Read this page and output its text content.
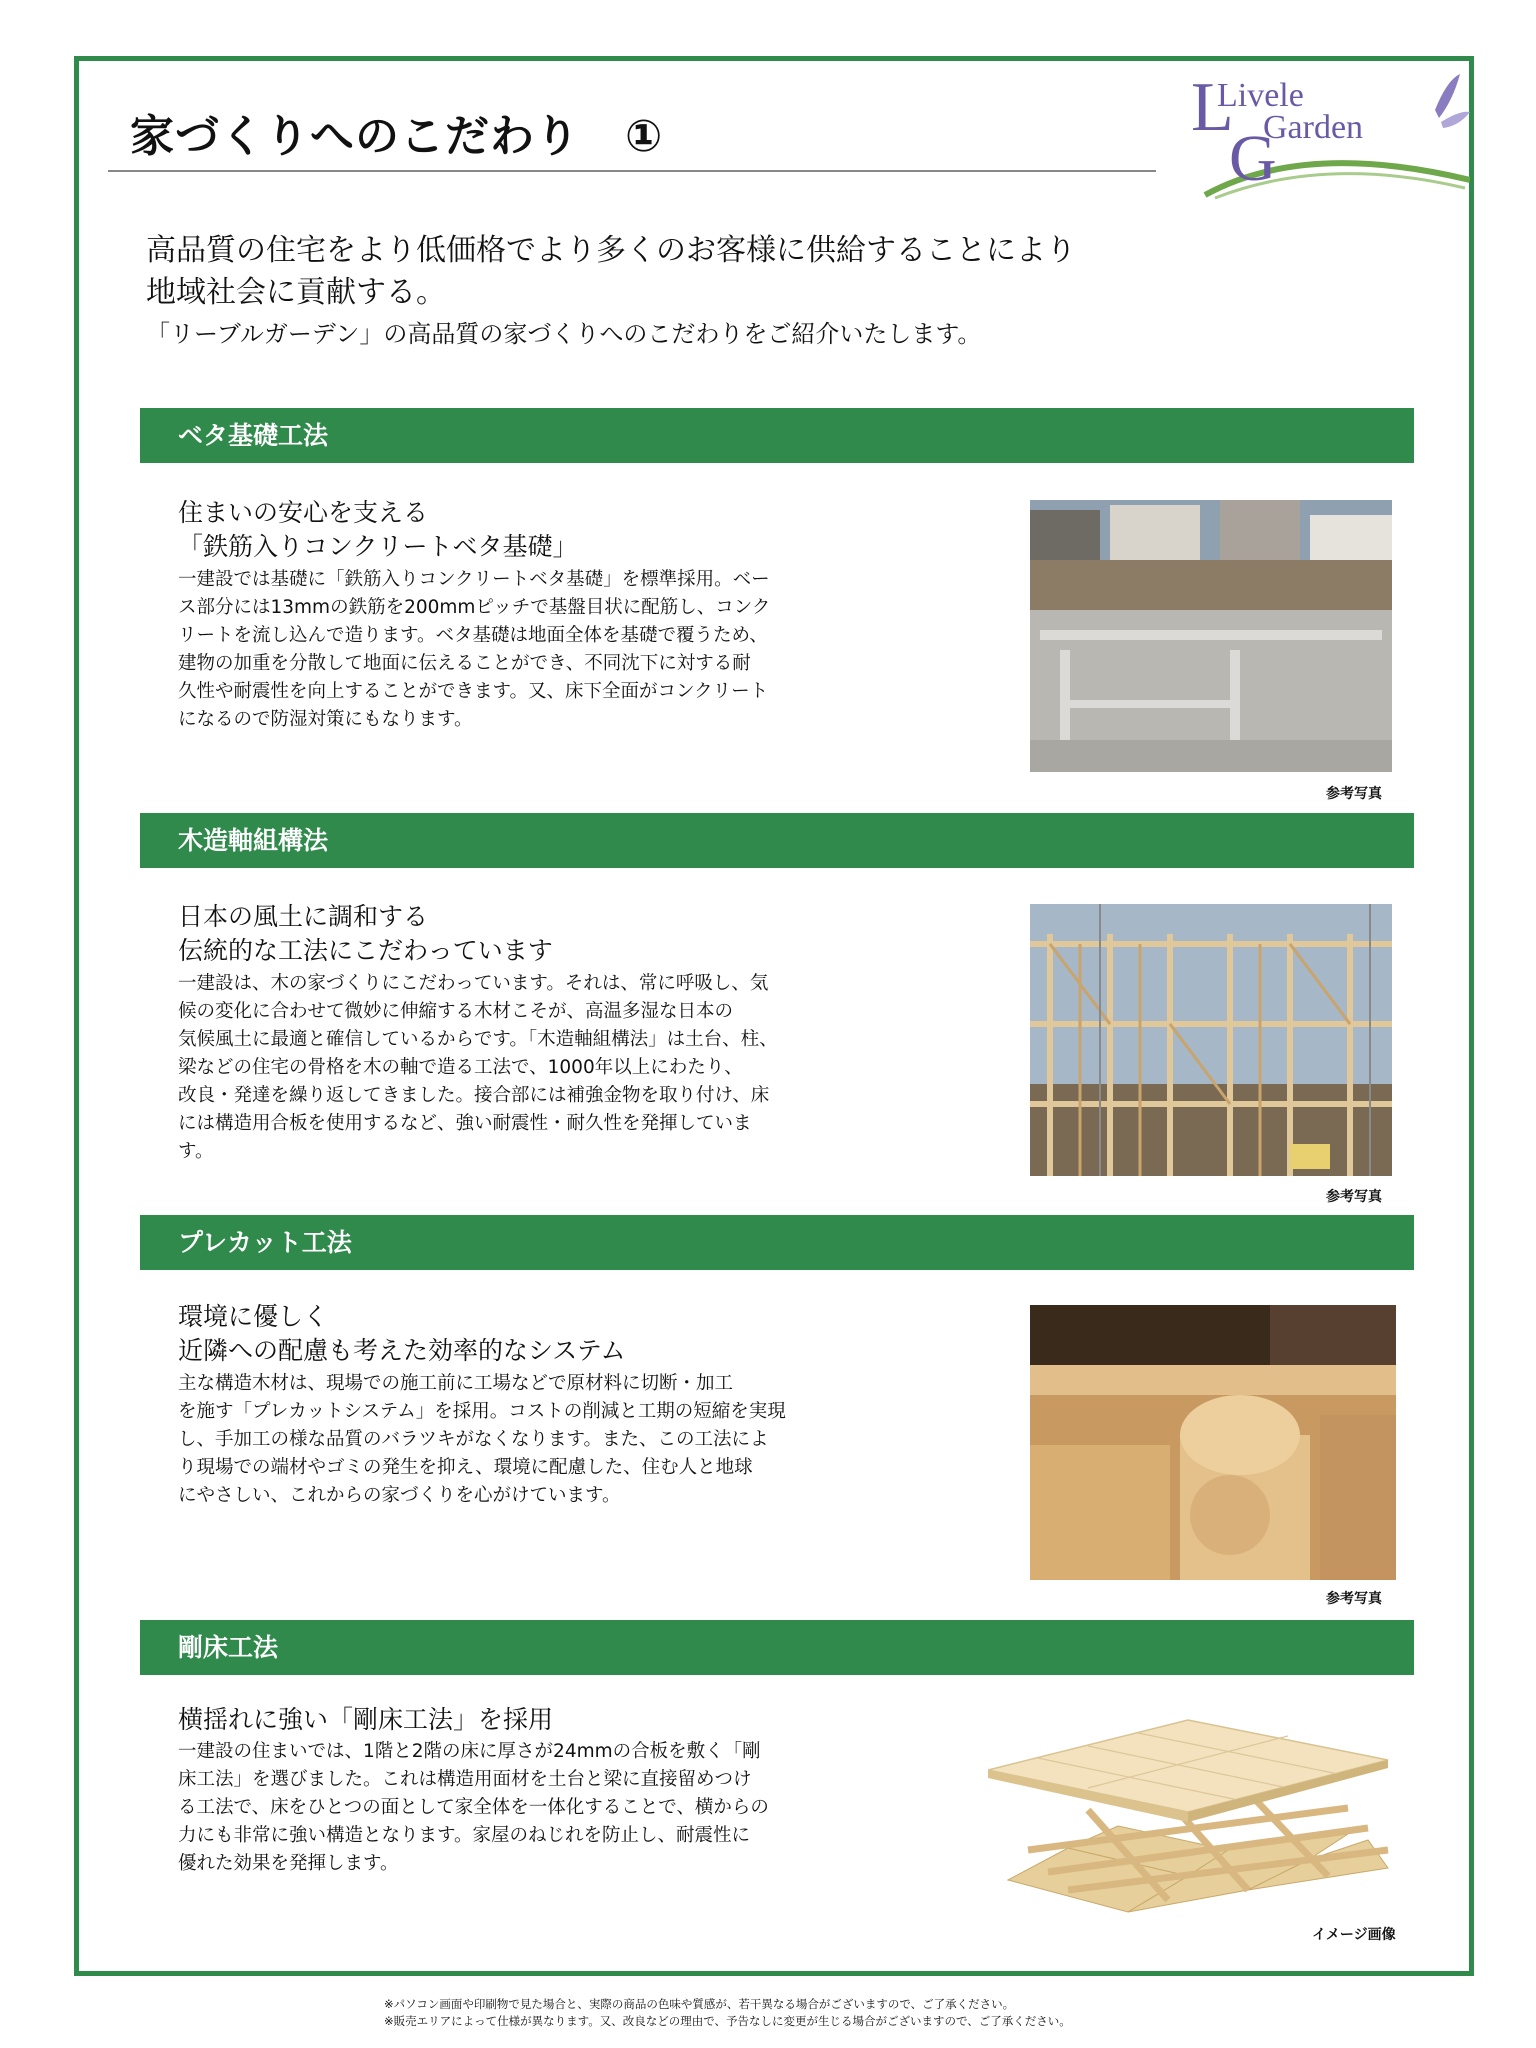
家づくりへのこだわり　①	L
G
Livele
Garden
高品質の住宅をより低価格でより多くのお客様に供給することにより
地域社会に貢献する。
「リーブルガーデン」の高品質の家づくりへのこだわりをご紹介いたします。
ベタ基礎工法
住まいの安心を支える
「鉄筋入りコンクリートベタ基礎」
一建設では基礎に「鉄筋入りコンクリートベタ基礎」を標準採用。ベー
ス部分には13mmの鉄筋を200mmピッチで基盤目状に配筋し、コンク
リートを流し込んで造ります。ベタ基礎は地面全体を基礎で覆うため、
建物の加重を分散して地面に伝えることができ、不同沈下に対する耐
久性や耐震性を向上することができます。又、床下全面がコンクリート
になるので防湿対策にもなります。
参考写真
木造軸組構法
日本の風土に調和する
伝統的な工法にこだわっています
一建設は、木の家づくりにこだわっています。それは、常に呼吸し、気
候の変化に合わせて微妙に伸縮する木材こそが、高温多湿な日本の
気候風土に最適と確信しているからです。「木造軸組構法」は土台、柱、
梁などの住宅の骨格を木の軸で造る工法で、1000年以上にわたり、
改良・発達を繰り返してきました。接合部には補強金物を取り付け、床
には構造用合板を使用するなど、強い耐震性・耐久性を発揮していま
す。
参考写真
プレカット工法
環境に優しく
近隣への配慮も考えた効率的なシステム
主な構造木材は、現場での施工前に工場などで原材料に切断・加工
を施す「プレカットシステム」を採用。コストの削減と工期の短縮を実現
し、手加工の様な品質のバラツキがなくなります。また、この工法によ
り現場での端材やゴミの発生を抑え、環境に配慮した、住む人と地球
にやさしい、これからの家づくりを心がけています。
参考写真
剛床工法
横揺れに強い「剛床工法」を採用
一建設の住まいでは、1階と2階の床に厚さが24mmの合板を敷く「剛
床工法」を選びました。これは構造用面材を土台と梁に直接留めつけ
る工法で、床をひとつの面として家全体を一体化することで、横からの
力にも非常に強い構造となります。家屋のねじれを防止し、耐震性に
優れた効果を発揮します。
イメージ画像
※パソコン画面や印刷物で見た場合と、実際の商品の色味や質感が、若干異なる場合がございますので、ご了承ください。
※販売エリアによって仕様が異なります。又、改良などの理由で、予告なしに変更が生じる場合がございますので、ご了承ください。
